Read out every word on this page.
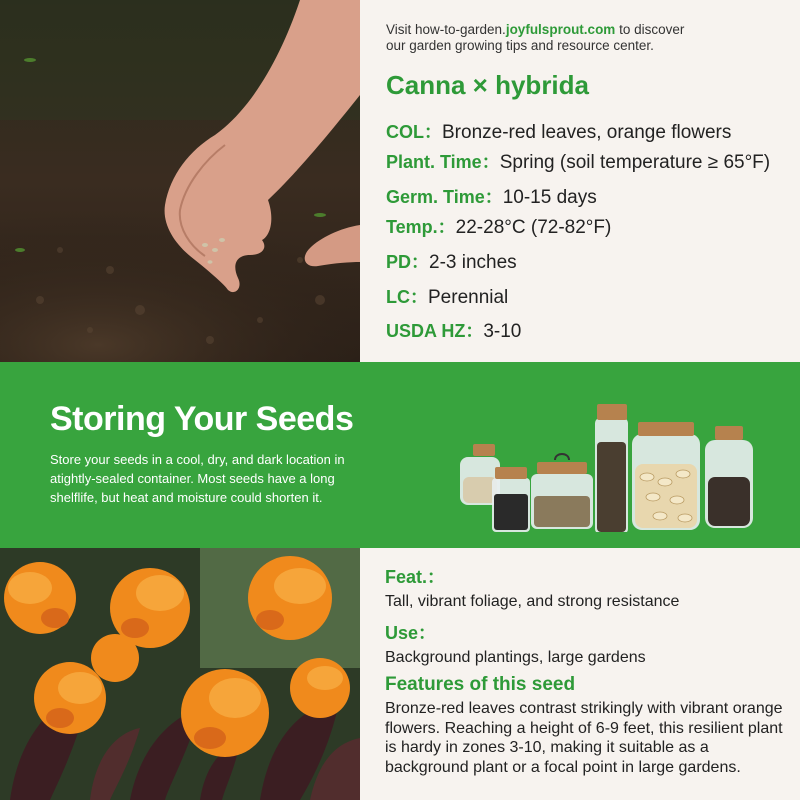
Visit how-to-garden.joyfulsprout.com to discover
our garden growing tips and resource center.
Canna × hybrida
COL：Bronze-red leaves, orange flowers
Plant. Time：Spring (soil temperature ≥ 65°F)
Germ. Time：10-15 days
Temp.：22-28°C (72-82°F)
PD：2-3 inches
LC：Perennial
USDA HZ：3-10
Storing Your Seeds
Store your seeds in a cool, dry, and dark location in atightly-sealed container. Most seeds have a long shelflife, but heat and moisture could shorten it.
Feat.：
Tall, vibrant foliage, and strong resistance
Use：
Background plantings, large gardens
Features of this seed
Bronze-red leaves contrast strikingly with vibrant orange flowers. Reaching a height of 6-9 feet, this resilient plant is hardy in zones 3-10, making it suitable as a background plant or a focal point in large gardens.
